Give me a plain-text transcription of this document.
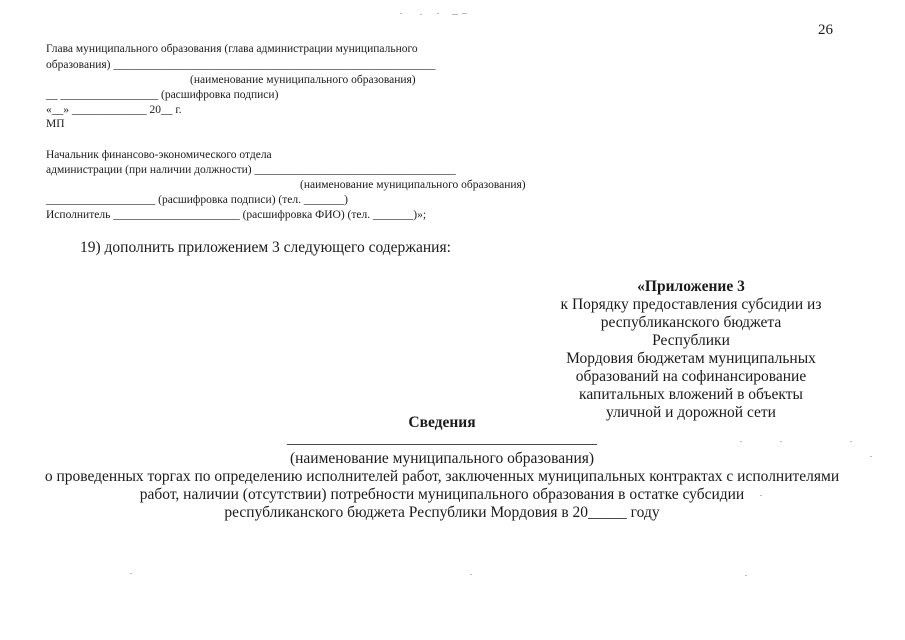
26
Глава муниципального образования (глава администрации муниципального
образования) ________________________________________________________
(наименование муниципального образования)
__ _________________ (расшифровка подписи)
«__» _____________ 20__ г.
МП
Начальник финансово-экономического отдела
администрации (при наличии должности) ___________________________________
(наименование муниципального образования)
___________________ (расшифровка подписи) (тел. _______)
Исполнитель ______________________ (расшифровка ФИО) (тел. _______)»;
19) дополнить приложением 3 следующего содержания:
«Приложение 3
к Порядку предоставления субсидии из
республиканского бюджета Республики
Мордовия бюджетам муниципальных
образований на софинансирование
капитальных вложений в объекты
уличной и дорожной сети
Сведения
________________________________________
(наименование муниципального образования)
о проведенных торгах по определению исполнителей работ, заключенных муниципальных контрактах с исполнителями
работ, наличии (отсутствии) потребности муниципального образования в остатке субсидии
республиканского бюджета Республики Мордовия в 20_____ году
